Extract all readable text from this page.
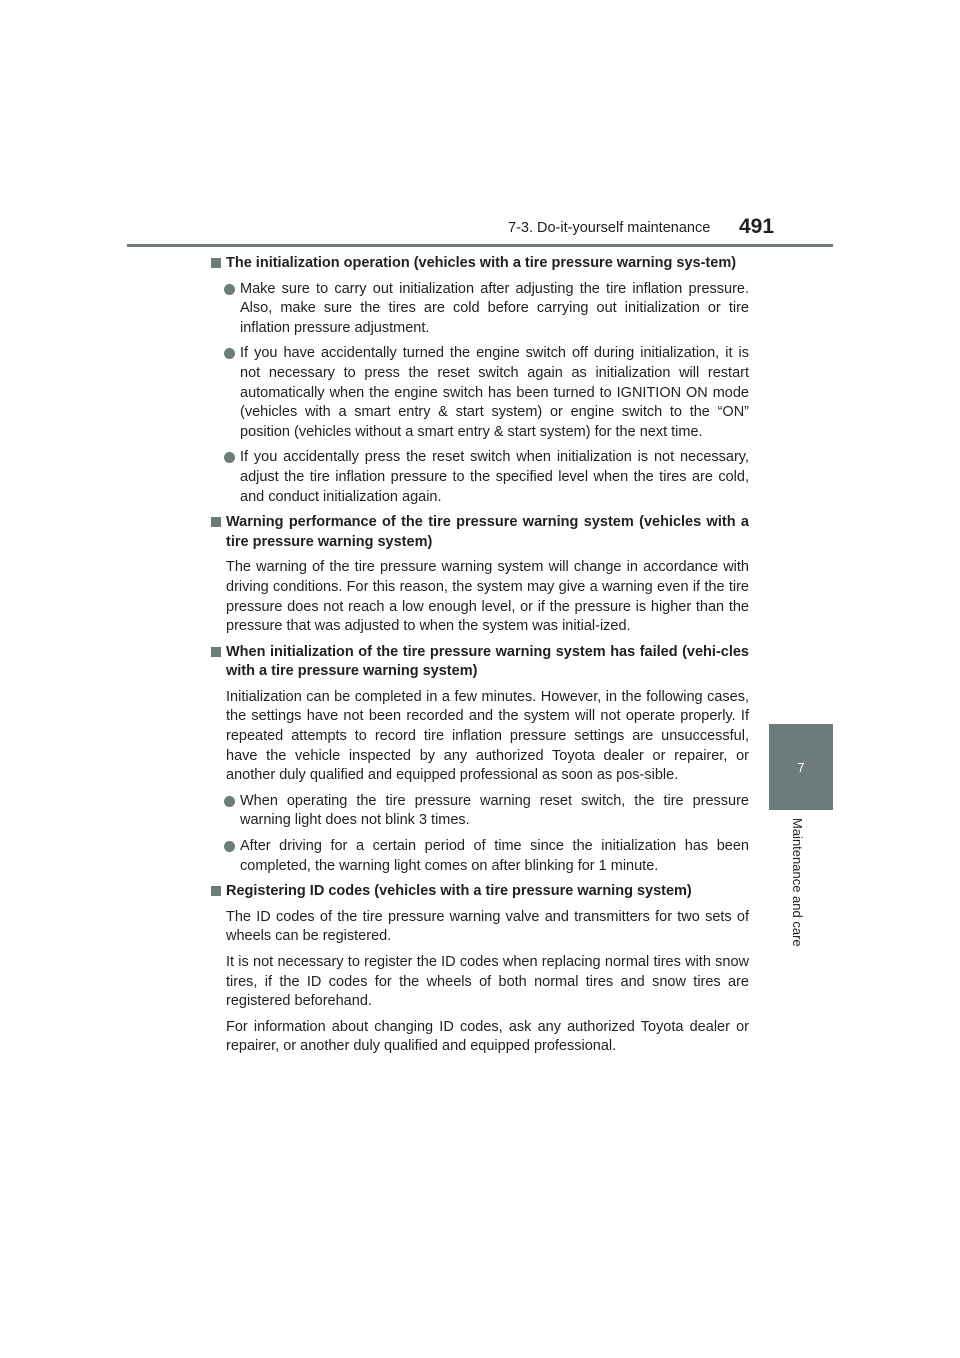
7-3. Do-it-yourself maintenance 491
7
Maintenance and care
The initialization operation (vehicles with a tire pressure warning sys-tem)
Make sure to carry out initialization after adjusting the tire inflation pressure. Also, make sure the tires are cold before carrying out initialization or tire inflation pressure adjustment.
If you have accidentally turned the engine switch off during initialization, it is not necessary to press the reset switch again as initialization will restart automatically when the engine switch has been turned to IGNITION ON mode (vehicles with a smart entry & start system) or engine switch to the “ON” position (vehicles without a smart entry & start system) for the next time.
If you accidentally press the reset switch when initialization is not necessary, adjust the tire inflation pressure to the specified level when the tires are cold, and conduct initialization again.
Warning performance of the tire pressure warning system (vehicles with a tire pressure warning system)
The warning of the tire pressure warning system will change in accordance with driving conditions. For this reason, the system may give a warning even if the tire pressure does not reach a low enough level, or if the pressure is higher than the pressure that was adjusted to when the system was initial-ized.
When initialization of the tire pressure warning system has failed (vehi-cles with a tire pressure warning system)
Initialization can be completed in a few minutes. However, in the following cases, the settings have not been recorded and the system will not operate properly. If repeated attempts to record tire inflation pressure settings are unsuccessful, have the vehicle inspected by any authorized Toyota dealer or repairer, or another duly qualified and equipped professional as soon as pos-sible.
When operating the tire pressure warning reset switch, the tire pressure warning light does not blink 3 times.
After driving for a certain period of time since the initialization has been completed, the warning light comes on after blinking for 1 minute.
Registering ID codes (vehicles with a tire pressure warning system)
The ID codes of the tire pressure warning valve and transmitters for two sets of wheels can be registered.
It is not necessary to register the ID codes when replacing normal tires with snow tires, if the ID codes for the wheels of both normal tires and snow tires are registered beforehand.
For information about changing ID codes, ask any authorized Toyota dealer or repairer, or another duly qualified and equipped professional.
